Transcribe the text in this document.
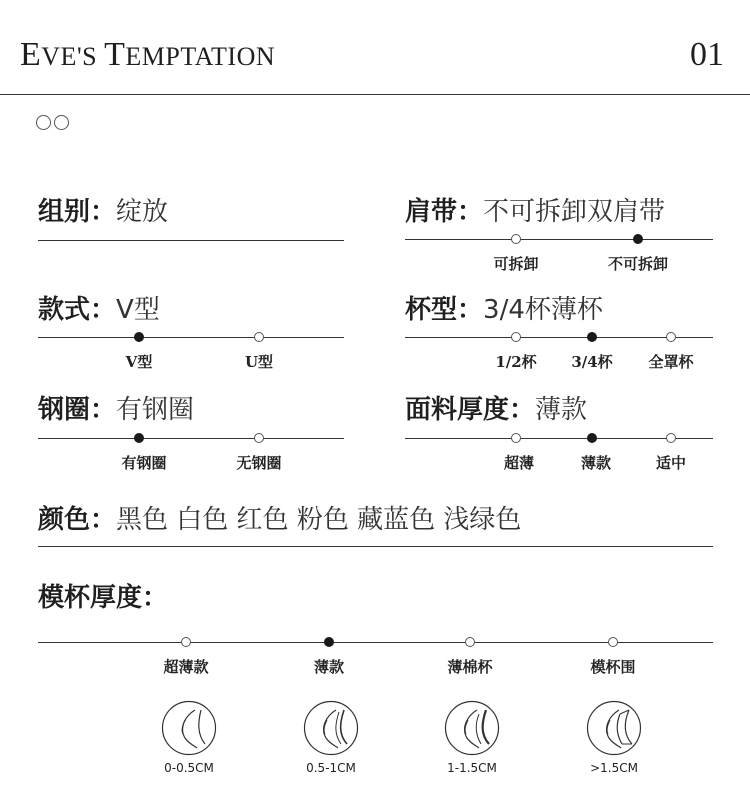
EVE'S TEMPTATION	01
组别：绽放	肩带：不可拆卸双肩带
可拆卸	不可拆卸
款式：V型
V型	U型
杯型：3/4杯薄杯
1/2杯 3/4杯 全罩杯
钢圈：有钢圈
有钢圈	无钢圈
面料厚度：薄款
超薄	薄款	适中
颜色：黑色 白色 红色 粉色 藏蓝色 浅绿色
模杯厚度：
超薄款	薄款	薄棉杯	模杯围
0-0.5CM	0.5-1CM	1-1.5CM	>1.5CM
